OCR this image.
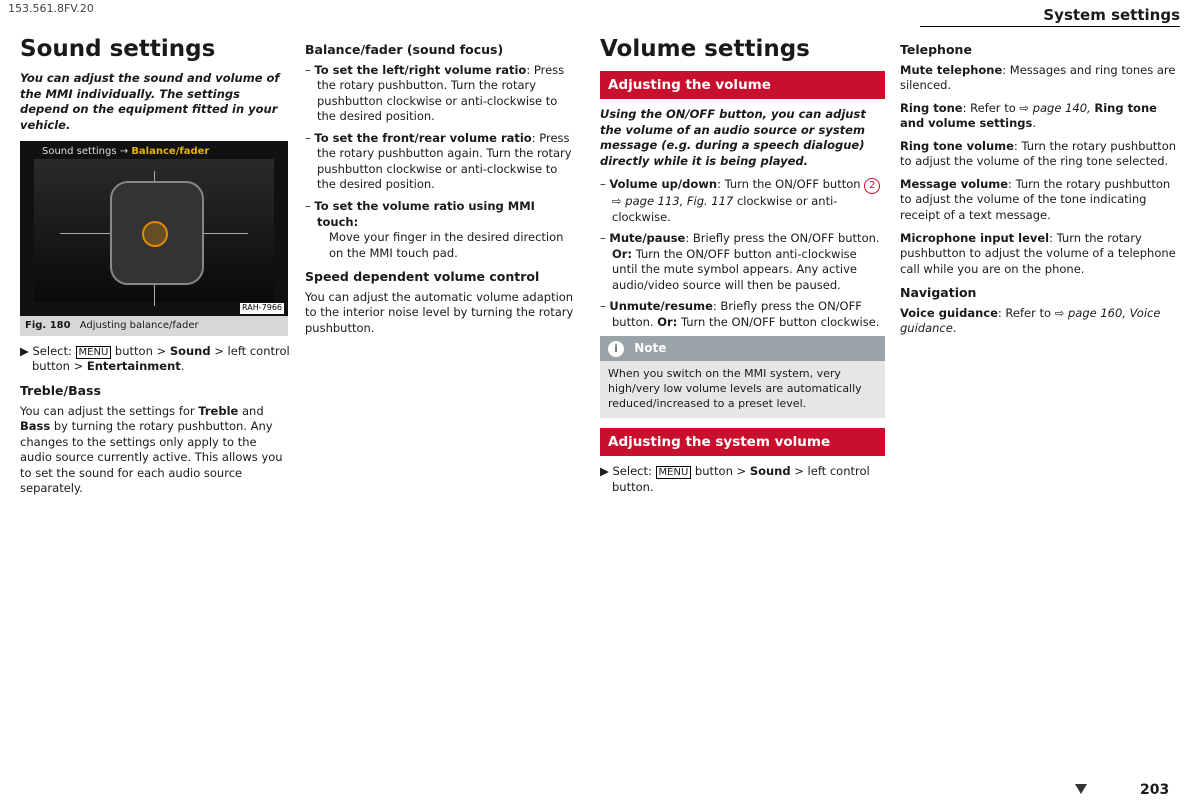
153.561.8FV.20	System settings
Sound settings

You can adjust the sound and volume of the MMI individually. The settings depend on the equipment fitted in your vehicle.

Sound settings → Balance/fader
RAH-7966
Fig. 180 Adjusting balance/fader

▶ Select: MENU button > Sound > left control button > Entertainment.

Treble/Bass

You can adjust the settings for Treble and Bass by turning the rotary pushbutton. Any changes to the settings only apply to the audio source currently active. This allows you to set the sound for each audio source separately.

Balance/fader (sound focus)

– To set the left/right volume ratio: Press the rotary pushbutton. Turn the rotary pushbutton clockwise or anti-clockwise to the desired position.

– To set the front/rear volume ratio: Press the rotary pushbutton again. Turn the rotary pushbutton clockwise or anti-clockwise to the desired position.

– To set the volume ratio using MMI touch:
Move your finger in the desired direction on the MMI touch pad.

Speed dependent volume control

You can adjust the automatic volume adaption to the interior noise level by turning the rotary pushbutton.

Volume settings
Adjusting the volume

Using the ON/OFF button, you can adjust the volume of an audio source or system message (e.g. during a speech dialogue) directly while it is being played.

– Volume up/down: Turn the ON/OFF button 2 ⇨ page 113, Fig. 117 clockwise or anti-clockwise.

– Mute/pause: Briefly press the ON/OFF button. Or: Turn the ON/OFF button anti-clockwise until the mute symbol appears. Any active audio/video source will then be paused.

– Unmute/resume: Briefly press the ON/OFF button. Or: Turn the ON/OFF button clockwise.

i Note
When you switch on the MMI system, very high/very low volume levels are automatically reduced/increased to a preset level.
Adjusting the system volume

▶ Select: MENU button > Sound > left control button.

Telephone

Mute telephone: Messages and ring tones are silenced.

Ring tone: Refer to ⇨ page 140, Ring tone and volume settings.

Ring tone volume: Turn the rotary pushbutton to adjust the volume of the ring tone selected.

Message volume: Turn the rotary pushbutton to adjust the volume of the tone indicating receipt of a text message.

Microphone input level: Turn the rotary pushbutton to adjust the volume of a telephone call while you are on the phone.

Navigation

Voice guidance: Refer to ⇨ page 160, Voice guidance.

203
